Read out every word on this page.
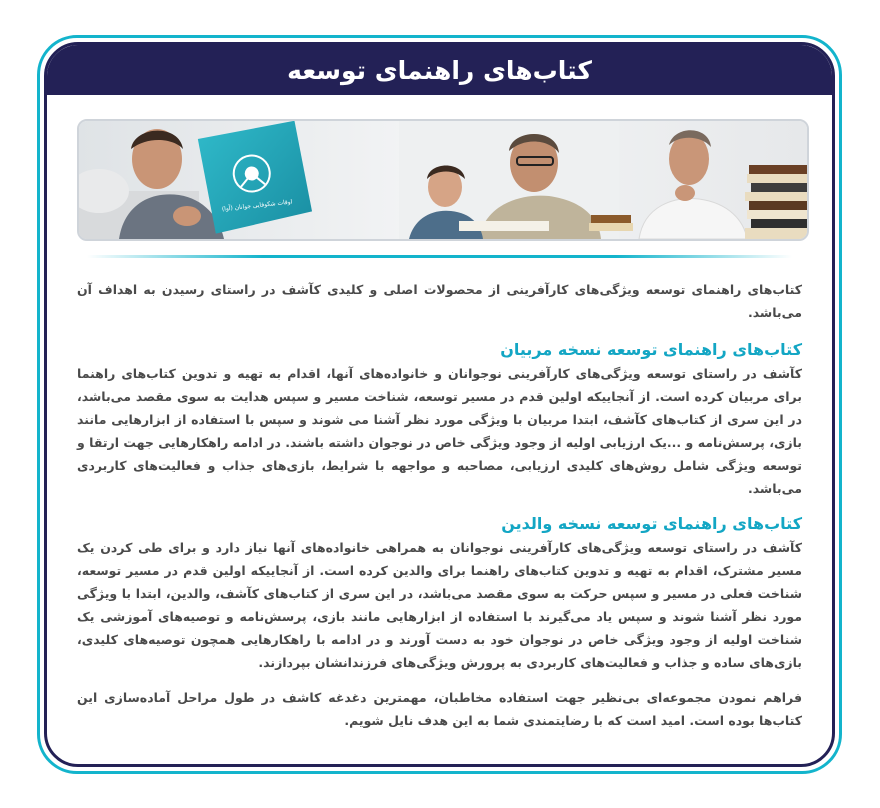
کتاب‌های راهنمای توسعه
اوقات شکوفایی جوانان (آوا)

کتاب‌های راهنمای توسعه ویژگی‌های کارآفرینی از محصولات اصلی و کلیدی کآشف در راستای رسیدن به اهداف آن می‌باشد.

کتاب‌های راهنمای توسعه نسخه مربیان

کآشف در راستای توسعه ویژگی‌های کارآفرینی نوجوانان و خانواده‌های آنها، اقدام به تهیه و تدوین کتاب‌های راهنما برای مربیان کرده است. از آنجاییکه اولین قدم در مسیر توسعه، شناخت مسیر و سپس هدایت به سوی مقصد می‌باشد، در این سری از کتاب‌های کآشف، ابتدا مربیان با ویژگی مورد نظر آشنا می شوند و سپس با استفاده از ابزارهایی مانند بازی، پرسش‌نامه و ...یک ارزیابی اولیه از وجود ویژگی خاص در نوجوان داشته باشند. در ادامه راهکارهایی جهت ارتقا و توسعه ویژگی شامل روش‌های کلیدی ارزیابی، مصاحبه و مواجهه با شرایط، بازی‌های جذاب و فعالیت‌های کاربردی می‌باشد.

کتاب‌های راهنمای توسعه نسخه والدین

کآشف در راستای توسعه ویژگی‌های کارآفرینی نوجوانان به همراهی خانواده‌های آنها نیاز دارد و برای طی کردن یک مسیر مشترک، اقدام به تهیه و تدوین کتاب‌های راهنما برای والدین کرده است. از آنجاییکه اولین قدم در مسیر توسعه، شناخت فعلی در مسیر و سپس حرکت به سوی مقصد می‌باشد، در این سری از کتاب‌های کآشف، والدین، ابتدا با ویژگی مورد نظر آشنا شوند و سپس یاد می‌گیرند با استفاده از ابزارهایی مانند بازی، پرسش‌نامه و توصیه‌های آموزشی یک شناخت اولیه از وجود ویژگی خاص در نوجوان خود به دست آورند و در ادامه با راهکارهایی همچون توصیه‌های کلیدی، بازی‌های ساده و جذاب و فعالیت‌های کاربردی به پرورش ویژگی‌های فرزندانشان بپردازند.

فراهم نمودن مجموعه‌ای بی‌نظیر جهت استفاده مخاطبان، مهمترین دغدغه کاشف در طول مراحل آماده‌سازی این کتاب‌ها بوده است. امید است که با رضایتمندی شما به این هدف نایل شویم.
